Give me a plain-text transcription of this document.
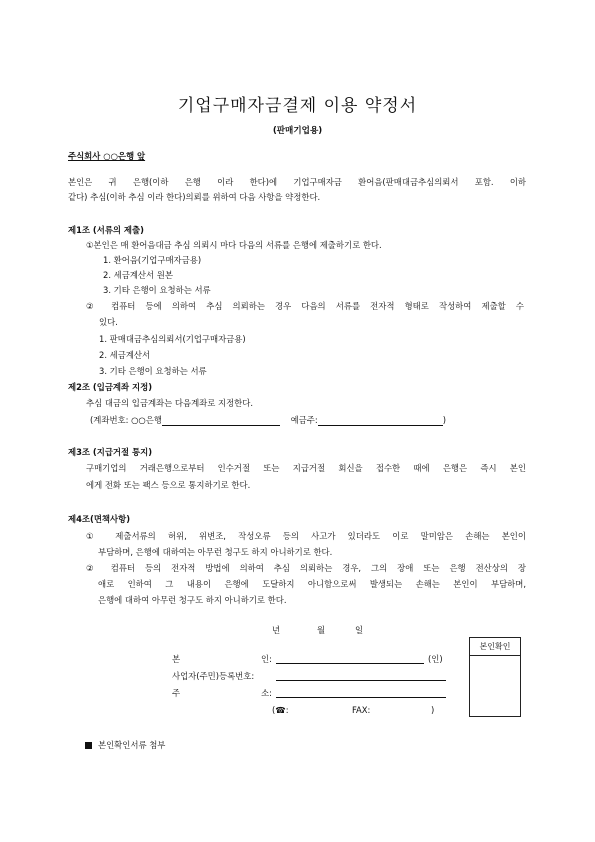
기업구매자금결제 이용 약정서
(판매기업용)
주식회사 ○○은행 앞
본인은 귀 은행(이하 은행 이라 한다)에 기업구매자금 환어음(판매대금추심의뢰서 포함. 이하
같다) 추심(이하 추심 이라 한다)의뢰를 위하여 다음 사항을 약정한다.
제1조 (서류의 제출)
①본인은 매 환어음대금 추심 의뢰시 마다 다음의 서류를 은행에 제출하기로 한다.
1. 환어음(기업구매자금용)
2. 세금계산서 원본
3. 기타 은행이 요청하는 서류
② 컴퓨터 등에 의하여 추심 의뢰하는 경우 다음의 서류를 전자적 형태로 작성하여 제출할 수
있다.
1. 판매대금추심의뢰서(기업구매자금용)
2. 세금계산서
3. 기타 은행이 요청하는 서류
제2조 (입금계좌 지정)
추심 대금의 입금계좌는 다음계좌로 지정한다.
(계좌번호: ○○은행	예금주:	)
제3조 (지급거절 통지)
구매기업의 거래은행으로부터 인수거절 또는 지급거절 회신을 접수한 때에 은행은 즉시 본인
에게 전화 또는 팩스 등으로 통지하기로 한다.
제4조(면책사항)
① 제출서류의 허위, 위변조, 작성오류 등의 사고가 있더라도 이로 말미암은 손해는 본인이
부담하며, 은행에 대하여는 아무런 청구도 하지 아니하기로 한다.
② 컴퓨터 등의 전자적 방법에 의하여 추심 의뢰하는 경우, 그의 장애 또는 은행 전산상의 장
애로 인하여 그 내용이 은행에 도달하지 아니함으로써 발생되는 손해는 본인이 부담하며,
은행에 대하여 아무런 청구도 하지 아니하기로 한다.
년	월	일
본	인:	(인)
사업자(주민)등록번호:
주	소:
(☎:	FAX:	)
본인확인
본인확인서류 첨부
